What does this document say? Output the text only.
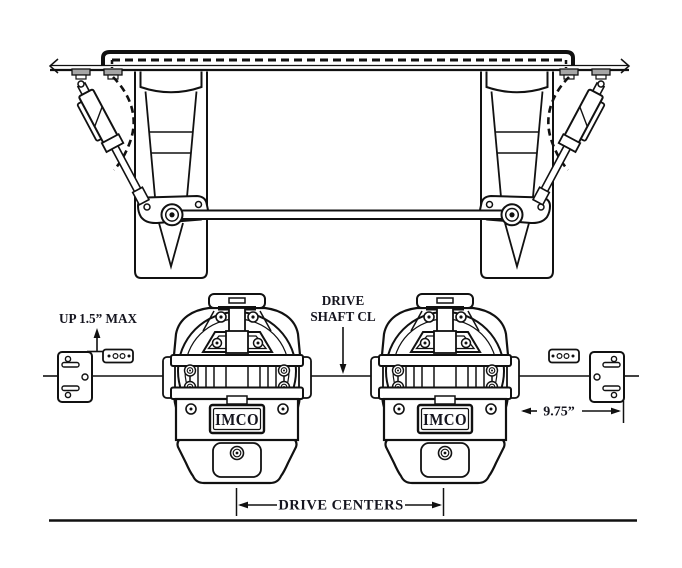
UP 1.5” MAX
DRIVE
SHAFT CL
9.75”
DRIVE CENTERS
